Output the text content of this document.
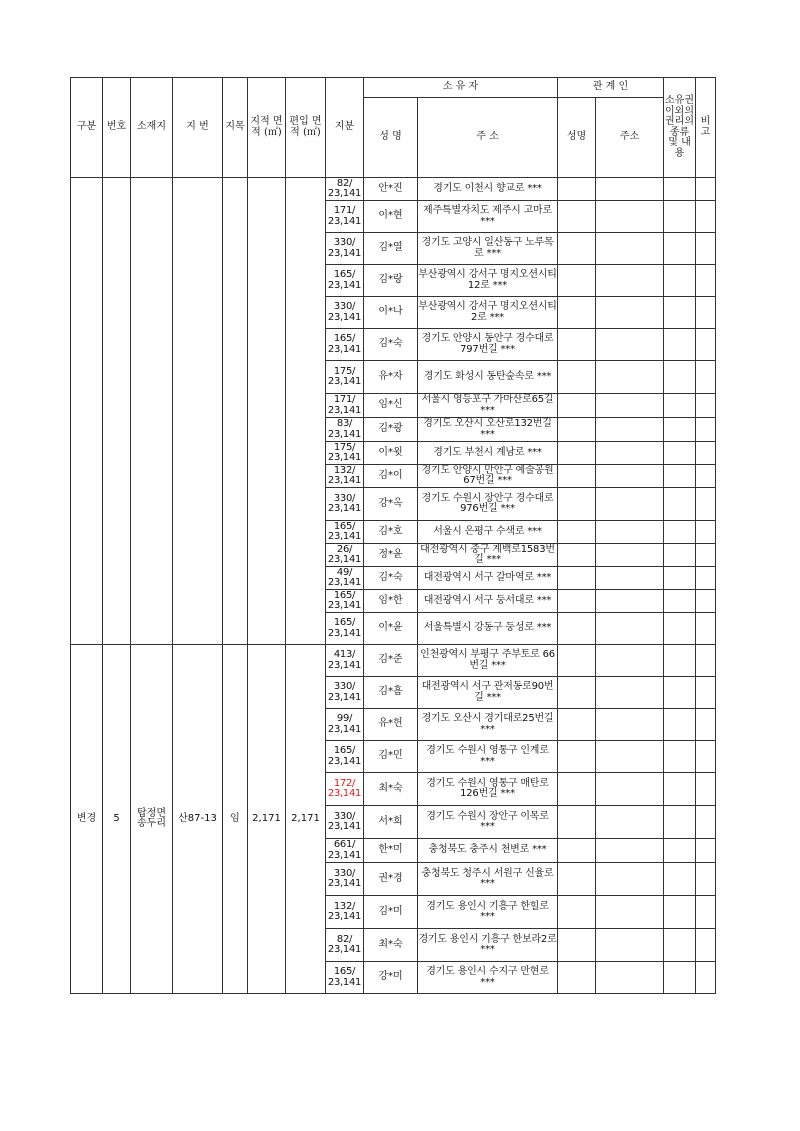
구분	번호	소재지	지 번	지목	지적 면적 (㎡)	편입 면적 (㎡)	지분	소 유 자		관 계 인		소유권 이외의 권리의 종류 및 내용	비고
								성 명	주 소	성명	주소		
							82/ 23,141	안*진	경기도 이천시 향교로 ***				
							171/ 23,141	이*현	제주특별자치도 제주시 고마로 ***				
							330/ 23,141	김*열	경기도 고양시 일산동구 노루목로 ***				
							165/ 23,141	김*랑	부산광역시 강서구 명지오션시티12로 ***				
							330/ 23,141	이*나	부산광역시 강서구 명지오션시티2로 ***				
							165/ 23,141	김*숙	경기도 안양시 동안구 경수대로797번길 ***				
							175/ 23,141	유*자	경기도 화성시 동탄숲속로 ***				
							171/ 23,141	임*신	서울시 영등포구 가마산로65길 ***				
							83/ 23,141	김*광	경기도 오산시 오산로132번길 ***				
							175/ 23,141	이*윗	경기도 부천시 계남로 ***				
							132/ 23,141	김*이	경기도 안양시 만안구 예술공원67번길 ***				
							330/ 23,141	강*옥	경기도 수원시 장안구 경수대로976번길 ***				
							165/ 23,141	김*호	서울시 은평구 수색로 ***				
							26/ 23,141	정*윤	대전광역시 중구 계백로1583번길 ***				
							49/ 23,141	김*숙	대전광역시 서구 갈마역로 ***				
							165/ 23,141	임*한	대전광역시 서구 둥서대로 ***				
							165/ 23,141	이*윤	서울특별시 강동구 둥성로 ***				
변경	5	탑정면 송두리	산87-13	임	2,171	2,171	413/ 23,141	김*준	인천광역시 부평구 주부토로 66번길 ***				
							330/ 23,141	김*흠	대전광역시 서구 관저동로90번길 ***				
							99/ 23,141	유*헌	경기도 오산시 경기대로25번길 ***				
							165/ 23,141	김*민	경기도 수원시 영통구 인계로 ***				
							172/ 23,141	최*숙	경기도 수원시 영통구 매탄로126번길 ***				
							330/ 23,141	서*희	경기도 수원시 장안구 이목로 ***				
							661/ 23,141	한*미	충청북도 충주시 천변로 ***				
							330/ 23,141	권*경	충청북도 청주시 서원구 신율로 ***				
							132/ 23,141	김*미	경기도 용인시 기흥구 한힐로 ***				
							82/ 23,141	최*숙	경기도 용인시 기흥구 한보라2로 ***				
							165/ 23,141	강*미	경기도 용인시 수지구 만현로 ***				
